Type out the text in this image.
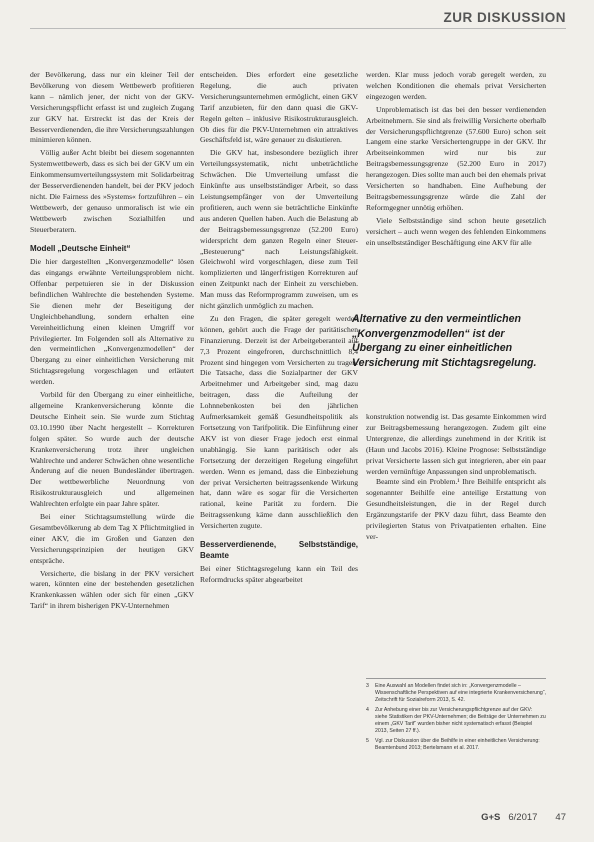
ZUR DISKUSSION

der Bevölkerung, dass nur ein kleiner Teil der Bevölkerung von diesem Wettbewerb profitieren kann – nämlich jener, der nicht von der GKV-Versicherungspflicht erfasst ist und zugleich Zugang zur GKV hat. Erstreckt ist das der Kreis der Besserverdienenden, die ihre Versicherungszahlungen minimieren können.

Völlig außer Acht bleibt bei diesem sogenannten Systemwettbewerb, dass es sich bei der GKV um ein Einkommensumverteilungssystem mit Solidarbeitrag der Besserverdienenden handelt, bei der PKV jedoch nicht. Die Fairness des »Systems« fortzuführen – ein Wettbewerb, der genauso unmoralisch ist wie ein Wettbewerb zwischen Sozialhilfen und Steuerberatern.

Modell „Deutsche Einheit“

Die hier dargestellten „Konvergenzmodelle“ lösen das eingangs erwähnte Verteilungsproblem nicht. Offenbar perpetuieren sie in der Diskussion befindlichen Wahlrechte die bestehenden Systeme. Sie dienen mehr der Beseitigung der Ungleichbehandlung, sondern erhalten eine Vereinheitlichung einen kleinen Umgriff vor Privilegierter. Im Folgenden soll als Alternative zu den vermeintlichen „Konvergenzmodellen“ der Übergang zu einer einheitlichen Versicherung mit Stichtagsregelung vorgeschlagen und erläutert werden.

Vorbild für den Übergang zu einer einheitliche, allgemeine Krankenversicherung könnte die Deutsche Einheit sein. Sie wurde zum Stichtag 03.10.1990 über Nacht hergestellt – Korrekturen folgen später. So wurde auch der deutsche Krankenversicherung trotz ihrer ungleichen Wahlrechte und anderer Schwächen ohne wesentliche Änderung auf die neuen Bundesländer übertragen. Der wettbewerbliche Neuordnung von Risikostrukturausgleich und allgemeinen Wahlrechten erfolgte ein paar Jahre später.

Bei einer Stichtagsumstellung würde die Gesamtbevölkerung ab dem Tag X Pflichtmitglied in einer AKV, die im Großen und Ganzen den Versicherungsprinzipien der heutigen GKV entspräche.

Versicherte, die bislang in der PKV versichert waren, könnten eine der bestehenden gesetzlichen Krankenkassen wählen oder sich für einen „GKV Tarif“ in ihrem bisherigen PKV-Unternehmen

entscheiden. Dies erfordert eine gesetzliche Regelung, die auch privaten Versicherungsunternehmen ermöglicht, einen GKV Tarif anzubieten, für den dann quasi die GKV-Regeln gelten – inklusive Risikostrukturausgleich. Ob dies für die PKV-Unternehmen ein attraktives Geschäftsfeld ist, wäre genauer zu diskutieren.

Die GKV hat, insbesondere bezüglich ihrer Verteilungssystematik, nicht unbeträchtliche Schwächen. Die Umverteilung umfasst die Einkünfte aus unselbstständiger Arbeit, so dass Leistungsempfänger von der Umverteilung profitieren, auch wenn sie beträchtliche Einkünfte aus anderen Quellen haben. Auch die Belastung ab der Beitragsbemessungsgrenze (52.200 Euro) widerspricht dem ganzen Regeln einer Steuer-„Besteuerung“ nach Leistungsfähigkeit. Gleichwohl wird vorgeschlagen, diese zum Teil komplizierten und längerfristigen Korrekturen auf einen Zeitpunkt nach der Einheit zu verschieben. Man muss das Reformprogramm zuweisen, um es nicht gänzlich unmöglich zu machen.

Zu den Fragen, die später geregelt werden können, gehört auch die Frage der paritätischen Finanzierung. Derzeit ist der Arbeitgeberanteil auf 7,3 Prozent eingefroren, durchschnittlich 8,4 Prozent sind hingegen vom Versicherten zu tragen. Die Tatsache, dass die Sozialpartner der GKV Arbeitnehmer und Arbeitgeber sind, mag dazu beitragen, dass die Aufteilung der Lohnnebenkosten bei den jährlichen Aufmerksamkeit gemäß Gesundheitspolitik als Fortsetzung von Tarifpolitik. Die Einführung einer AKV ist von dieser Frage jedoch erst einmal unabhängig. Sie kann paritätisch oder als Fortsetzung der derzeitigen Regelung eingeführt werden. Wenn es jemand, dass die Einbeziehung der privat Versicherten beitragssenkende Wirkung hat, dann wäre es sogar für die Versicherten rational, keine Parität zu fordern. Die Beitragssenkung käme dann ausschließlich den Versicherten zugute.

Besserverdienende, Selbstständige, Beamte

Bei einer Stichtagsregelung kann ein Teil des Reformdrucks später abgearbeitet

werden. Klar muss jedoch vorab geregelt werden, zu welchen Konditionen die ehemals privat Versicherten eingezogen werden.

Unproblematisch ist das bei den besser verdienenden Arbeitnehmern. Sie sind als freiwillig Versicherte oberhalb der Versicherungspflichtgrenze (57.600 Euro) schon seit Langem eine starke Versichertengruppe in der GKV. Ihr Arbeitseinkommen wird nur bis zur Beitragsbemessungsgrenze (52.200 Euro in 2017) herangezogen. Dies sollte man auch bei den ehemals privat Versicherten so handhaben. Eine Aufhebung der Beitragsbemessungsgrenze würde die Zahl der Reformgegner unnötig erhöhen.

Viele Selbstständige sind schon heute gesetzlich versichert – auch wenn wegen des fehlenden Einkommens ein unselbstständiger Beschäftigung eine AKV für alle

Alternative zu den vermeintlichen „Konvergenzmodellen“ ist der Übergang zu einer einheitlichen Versicherung mit Stichtagsregelung.

konstruktion notwendig ist. Das gesamte Einkommen wird zur Beitragsbemessung herangezogen. Zudem gilt eine Untergrenze, die allerdings zunehmend in der Kritik ist (Haun und Jacobs 2016). Kleine Prognose: Selbstständige privat Versicherte lassen sich gut integrieren, aber ein paar werden vernünftige Anpassungen sind unproblematisch.

Beamte sind ein Problem.¹ Ihre Beihilfe entspricht als sogenannter Beihilfe eine anteilige Erstattung von Gesundheitsleistungen, die in der Regel durch Ergänzungstarife der PKV dazu führt, dass Beamte den privilegierten Status von Privatpatienten erhalten. Eine ver-

3	Eine Auswahl an Modellen findet sich in: „Konvergenzmodelle – Wissenschaftliche Perspektiven auf eine integrierte Krankenversicherung“, Zeitschrift für Sozialreform 2013, S. 42.
4	Zur Anhebung einer bis zur Versicherungspflichtgrenze auf der GKV: siehe Statistiken der PKV-Unternehmen; die Beiträge der Unternehmen zu einem „GKV Tarif“ wurden bisher nicht systematisch erfasst (Beispiel 2013, Seiten 27 ff.).
5	Vgl. zur Diskussion über die Beihilfe in einer einheitlichen Versicherung: Beamtenbund 2013; Bertelsmann et al. 2017.
G+S 6/2017 47
